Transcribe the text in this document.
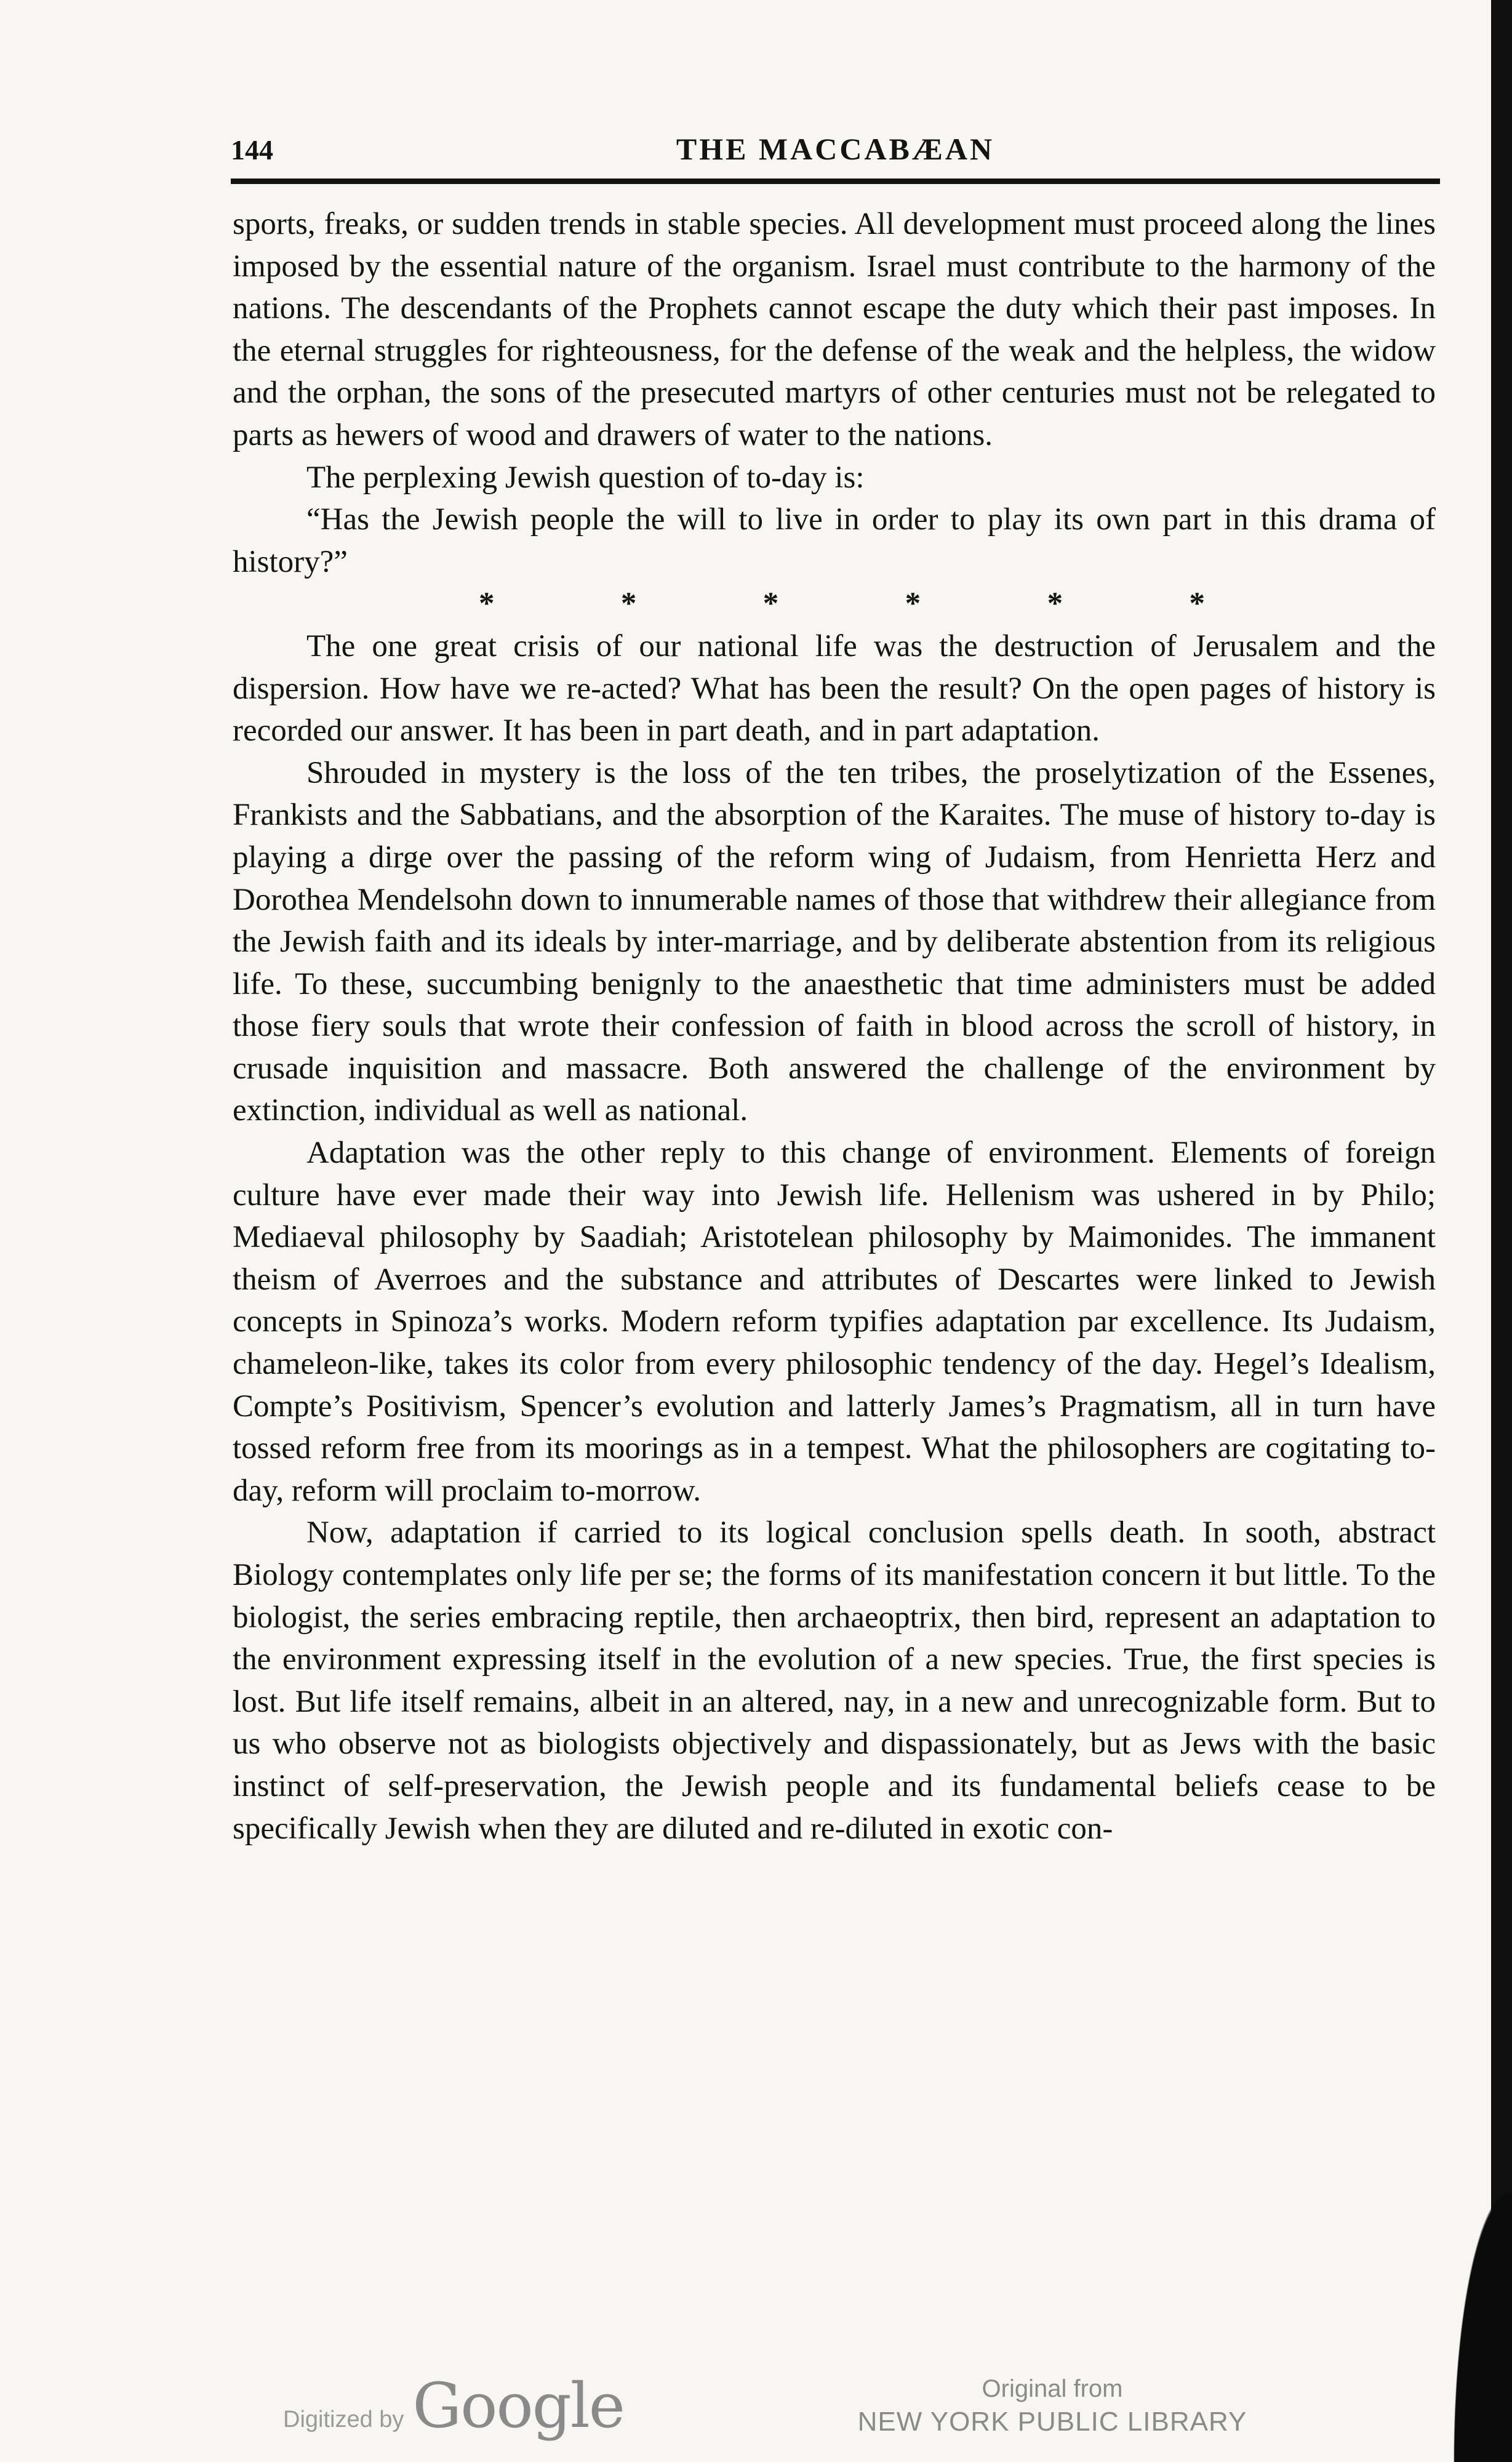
144	THE MACCABÆAN

sports, freaks, or sudden trends in stable species. All development must proceed along the lines imposed by the essential nature of the organism. Israel must contribute to the harmony of the nations. The descendants of the Prophets cannot escape the duty which their past imposes. In the eternal struggles for righteousness, for the defense of the weak and the helpless, the widow and the orphan, the sons of the presecuted martyrs of other centuries must not be relegated to parts as hewers of wood and drawers of water to the nations.

The perplexing Jewish question of to-day is:

“Has the Jewish people the will to live in order to play its own part in this drama of history?”

*	*	*	*	*	*

The one great crisis of our national life was the destruction of Jerusalem and the dispersion. How have we re-acted? What has been the result? On the open pages of history is recorded our answer. It has been in part death, and in part adaptation.

Shrouded in mystery is the loss of the ten tribes, the proselytization of the Essenes, Frankists and the Sabbatians, and the absorption of the Karaites. The muse of history to-day is playing a dirge over the passing of the reform wing of Judaism, from Henrietta Herz and Dorothea Mendelsohn down to innumerable names of those that withdrew their allegiance from the Jewish faith and its ideals by inter-marriage, and by deliberate abstention from its religious life. To these, succumbing benignly to the anaesthetic that time administers must be added those fiery souls that wrote their confession of faith in blood across the scroll of history, in crusade inquisition and massacre. Both answered the challenge of the environment by extinction, individual as well as national.

Adaptation was the other reply to this change of environment. Elements of foreign culture have ever made their way into Jewish life. Hellenism was ushered in by Philo; Mediaeval philosophy by Saadiah; Aristotelean philosophy by Maimonides. The immanent theism of Averroes and the substance and attributes of Descartes were linked to Jewish concepts in Spinoza’s works. Modern reform typifies adaptation par excellence. Its Judaism, chameleon-like, takes its color from every philosophic tendency of the day. Hegel’s Idealism, Compte’s Positivism, Spencer’s evolution and latterly James’s Pragmatism, all in turn have tossed reform free from its moorings as in a tempest. What the philosophers are cogitating to-day, reform will proclaim to-morrow.

Now, adaptation if carried to its logical conclusion spells death. In sooth, abstract Biology contemplates only life per se; the forms of its manifestation concern it but little. To the biologist, the series embracing reptile, then archaeoptrix, then bird, represent an adaptation to the environment expressing itself in the evolution of a new species. True, the first species is lost. But life itself remains, albeit in an altered, nay, in a new and unrecognizable form. But to us who observe not as biologists objectively and dispassionately, but as Jews with the basic instinct of self-preservation, the Jewish people and its fundamental beliefs cease to be specifically Jewish when they are diluted and re-diluted in exotic con-

Digitized by Google	Original from
NEW YORK PUBLIC LIBRARY
